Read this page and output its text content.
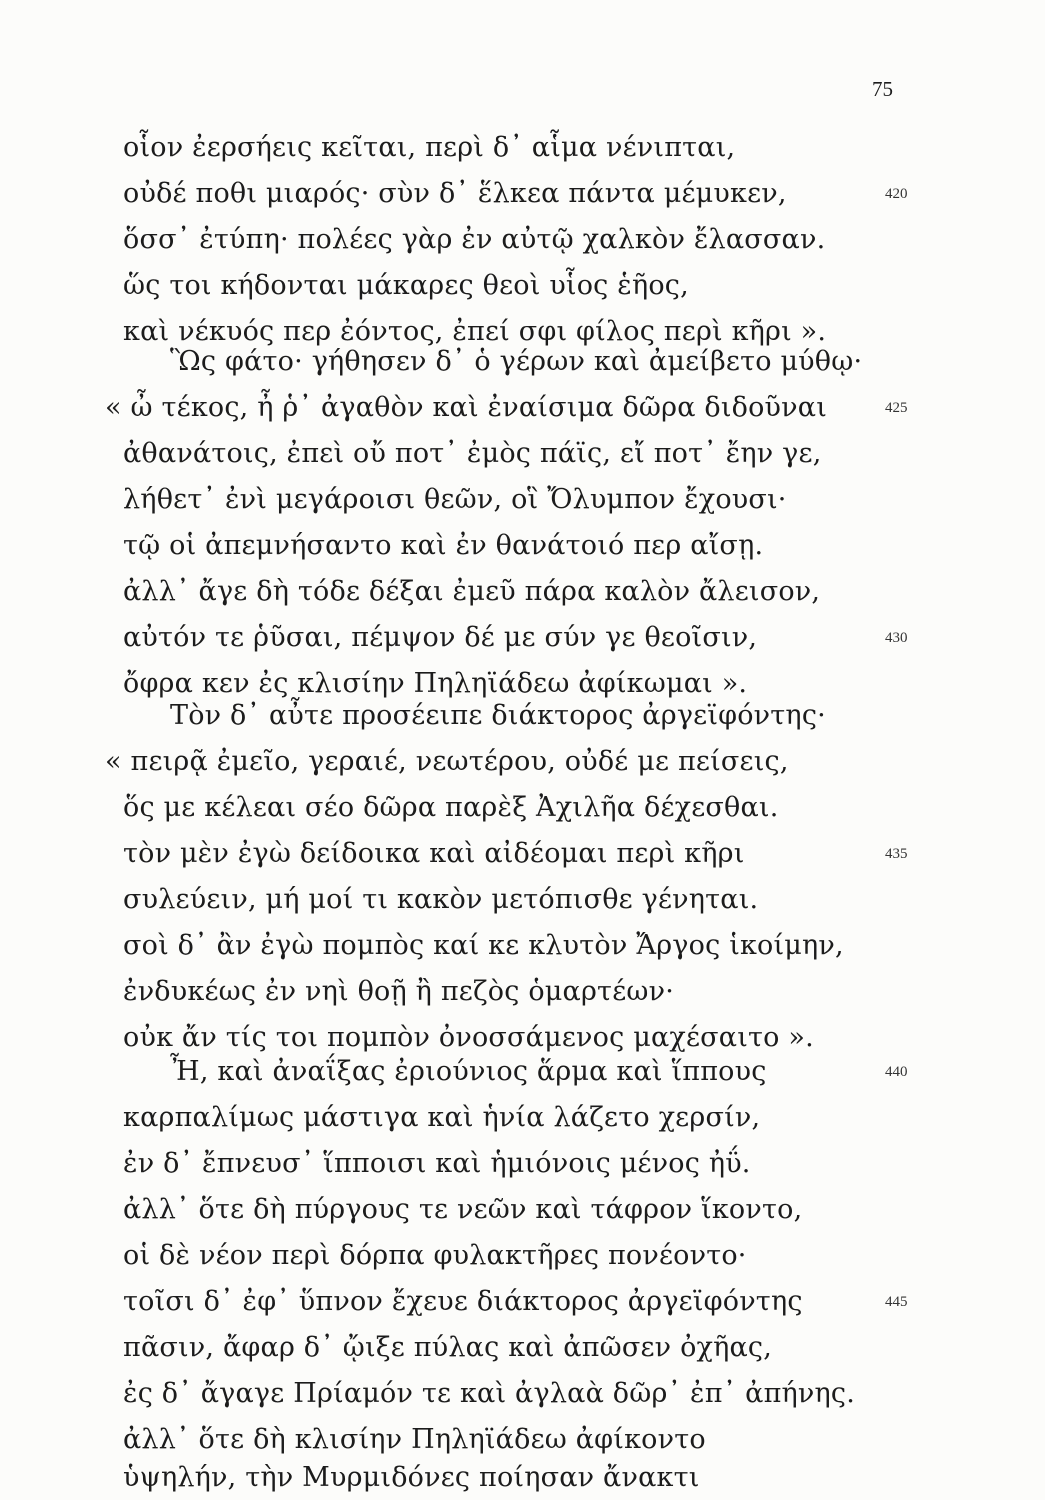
75
οἷον ἐερσήεις κεῖται, περὶ δ᾽ αἷμα νένιπται,
οὐδέ ποθι μιαρός· σὺν δ᾽ ἕλκεα πάντα μέμυκεν,
ὅσσ᾽ ἐτύπη· πολέες γὰρ ἐν αὐτῷ χαλκὸν ἔλασσαν.
ὥς τοι κήδονται μάκαρες θεοὶ υἷος ἑῆος,
καὶ νέκυός περ ἐόντος, ἐπεί σφι φίλος περὶ κῆρι ».
Ὣς φάτο· γήθησεν δ᾽ ὁ γέρων καὶ ἀμείβετο μύθῳ·
« ὦ τέκος, ἦ ῥ᾽ ἀγαθὸν καὶ ἐναίσιμα δῶρα διδοῦναι
ἀθανάτοις, ἐπεὶ οὔ ποτ᾽ ἐμὸς πάϊς, εἴ ποτ᾽ ἔην γε,
λήθετ᾽ ἐνὶ μεγάροισι θεῶν, οἳ Ὄλυμπον ἔχουσι·
τῷ οἱ ἀπεμνήσαντο καὶ ἐν θανάτοιό περ αἴσῃ.
ἀλλ᾽ ἄγε δὴ τόδε δέξαι ἐμεῦ πάρα καλὸν ἄλεισον,
αὐτόν τε ῥῦσαι, πέμψον δέ με σύν γε θεοῖσιν,
ὄφρα κεν ἐς κλισίην Πηληϊάδεω ἀφίκωμαι ».
Τὸν δ᾽ αὖτε προσέειπε διάκτορος ἀργεϊφόντης·
« πειρᾷ ἐμεῖο, γεραιέ, νεωτέρου, οὐδέ με πείσεις,
ὅς με κέλεαι σέο δῶρα παρὲξ Ἀχιλῆα δέχεσθαι.
τὸν μὲν ἐγὼ δείδοικα καὶ αἰδέομαι περὶ κῆρι
συλεύειν, μή μοί τι κακὸν μετόπισθε γένηται.
σοὶ δ᾽ ἂν ἐγὼ πομπὸς καί κε κλυτὸν Ἄργος ἱκοίμην,
ἐνδυκέως ἐν νηὶ θοῇ ἢ πεζὸς ὁμαρτέων·
οὐκ ἄν τίς τοι πομπὸν ὀνοσσάμενος μαχέσαιτο ».
Ἦ, καὶ ἀναΐξας ἐριούνιος ἅρμα καὶ ἵππους
καρπαλίμως μάστιγα καὶ ἡνία λάζετο χερσίν,
ἐν δ᾽ ἔπνευσ᾽ ἵπποισι καὶ ἡμιόνοις μένος ἠΰ.
ἀλλ᾽ ὅτε δὴ πύργους τε νεῶν καὶ τάφρον ἵκοντο,
οἱ δὲ νέον περὶ δόρπα φυλακτῆρες πονέοντο·
τοῖσι δ᾽ ἐφ᾽ ὕπνον ἔχευε διάκτορος ἀργεϊφόντης
πᾶσιν, ἄφαρ δ᾽ ᾤιξε πύλας καὶ ἀπῶσεν ὀχῆας,
ἐς δ᾽ ἄγαγε Πρίαμόν τε καὶ ἀγλαὰ δῶρ᾽ ἐπ᾽ ἀπήνης.
ἀλλ᾽ ὅτε δὴ κλισίην Πηληϊάδεω ἀφίκοντο
ὑψηλήν, τὴν Μυρμιδόνες ποίησαν ἄνακτι
420
425
430
435
440
445
